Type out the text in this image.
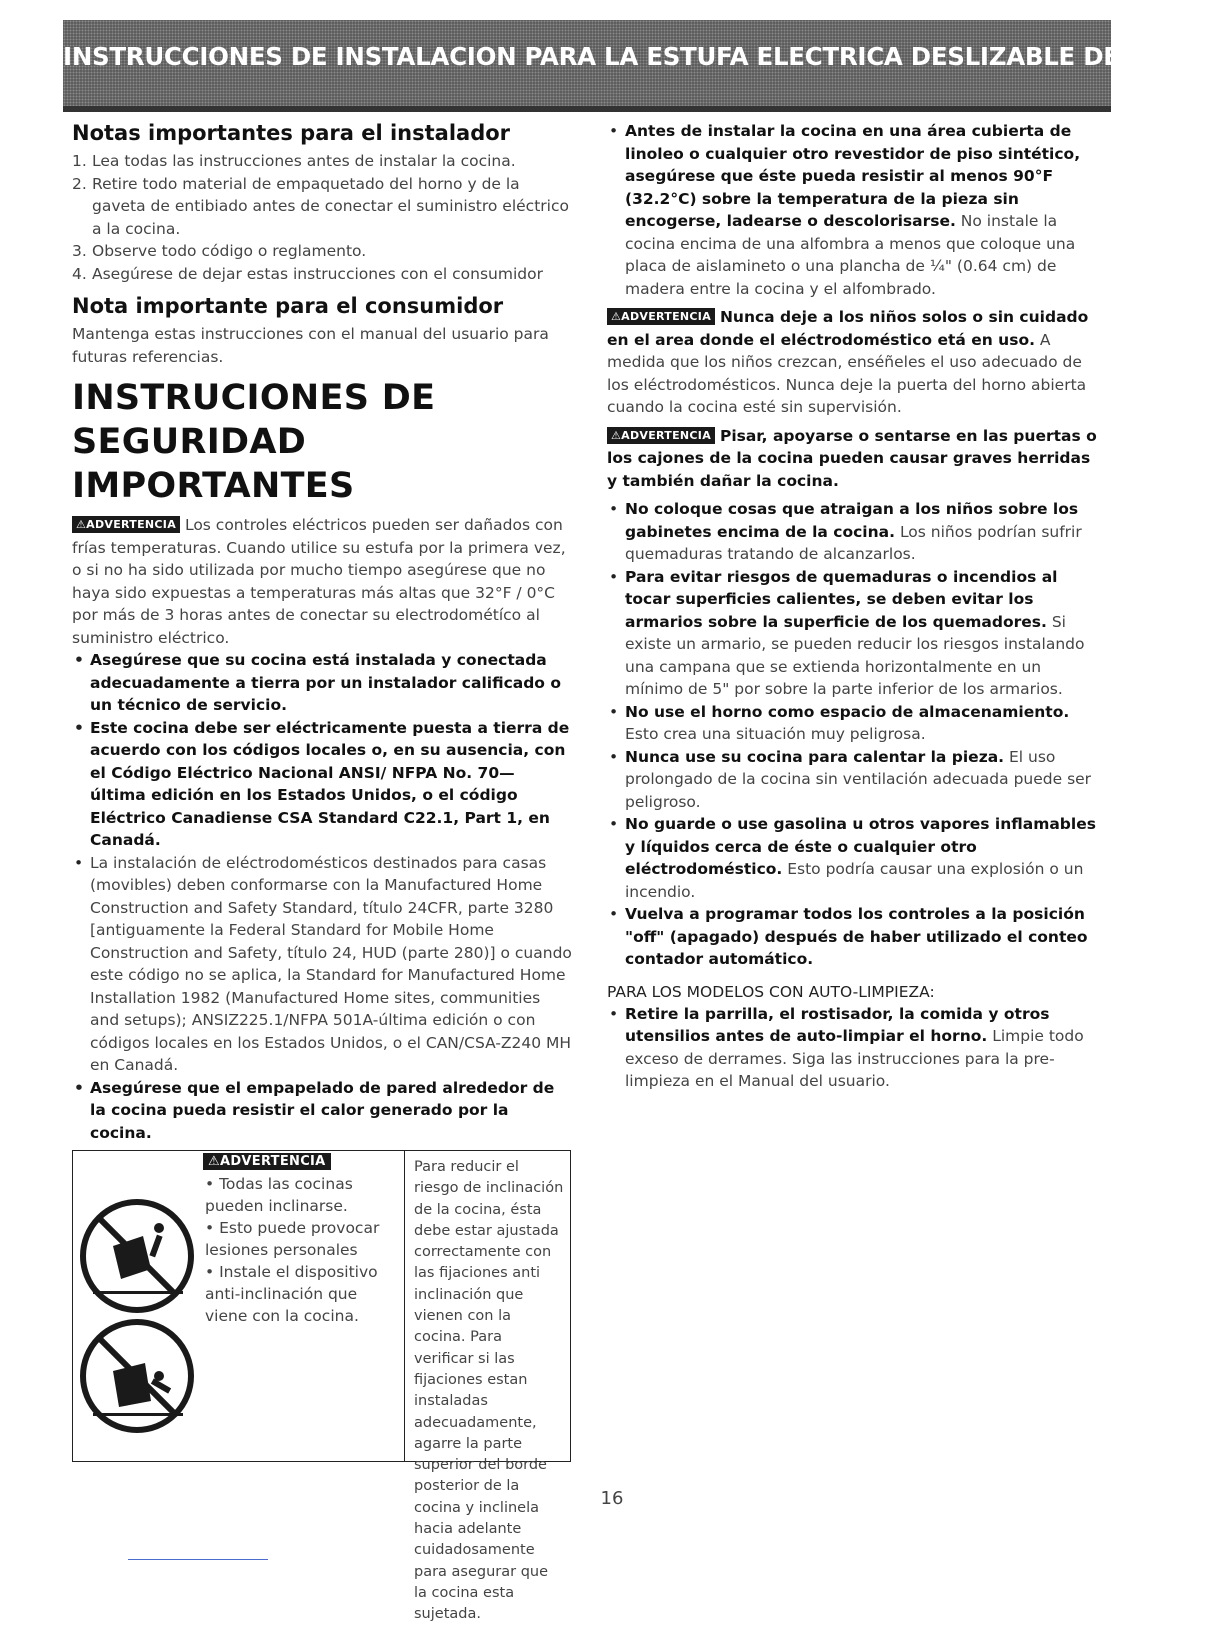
INSTRUCCIONES DE INSTALACION PARA LA ESTUFA ELECTRICA DESLIZABLE DE 30"
Notas importantes para el instalador
1. Lea todas las instrucciones antes de instalar la cocina.
2. Retire todo material de empaquetado del horno y de la gaveta de entibiado antes de conectar el suministro eléctrico a la cocina.
3. Observe todo código o reglamento.
4. Asegúrese de dejar estas instrucciones con el consumidor
Nota importante para el consumidor

Mantenga estas instrucciones con el manual del usuario para futuras referencias.

INSTRUCIONES DE
SEGURIDAD IMPORTANTES

⚠ADVERTENCIA Los controles eléctricos pueden ser dañados con frías temperaturas. Cuando utilice su estufa por la primera vez, o si no ha sido utilizada por mucho tiempo asegúrese que no haya sido expuestas a temperaturas más altas que 32°F / 0°C por más de 3 horas antes de conectar su electrodométíco al suministro eléctrico.

• Asegúrese que su cocina está instalada y conectada adecuadamente a tierra por un instalador calificado o un técnico de servicio.
• Este cocina debe ser eléctricamente puesta a tierra de acuerdo con los códigos locales o, en su ausencia, con el Código Eléctrico Nacional ANSI/ NFPA No. 70— última edición en los Estados Unidos, o el código Eléctrico Canadiense CSA Standard C22.1, Part 1, en Canadá.
• La instalación de eléctrodomésticos destinados para casas (movibles) deben conformarse con la Manufactured Home Construction and Safety Standard, título 24CFR, parte 3280 [antiguamente la Federal Standard for Mobile Home Construction and Safety, título 24, HUD (parte 280)] o cuando este código no se aplica, la Standard for Manufactured Home Installation 1982 (Manufactured Home sites, communities and setups); ANSIZ225.1/NFPA 501A-última edición o con códigos locales en los Estados Unidos, o el CAN/CSA-Z240 MH en Canadá.
• Asegúrese que el empapelado de pared alrededor de la cocina pueda resistir el calor generado por la cocina.
⚠ADVERTENCIA
• Todas las cocinas pueden inclinarse.
• Esto puede provocar lesiones personales
• Instale el dispositivo anti-inclinación que viene con la cocina.
Para reducir el riesgo de inclinación de la cocina, ésta debe estar ajustada correctamente con las fijaciones anti inclinación que vienen con la cocina. Para verificar si las fijaciones estan instaladas adecuadamente, agarre la parte superior del borde posterior de la cocina y inclinela hacia adelante cuidadosamente para asegurar que la cocina esta sujetada.
• Antes de instalar la cocina en una área cubierta de linoleo o cualquier otro revestidor de piso sintético, asegúrese que éste pueda resistir al menos 90°F (32.2°C) sobre la temperatura de la pieza sin encogerse, ladearse o descolorisarse. No instale la cocina encima de una alfombra a menos que coloque una placa de aislamineto o una plancha de ¼" (0.64 cm) de madera entre la cocina y el alfombrado.

⚠ADVERTENCIA Nunca deje a los niños solos o sin cuidado en el area donde el eléctrodoméstico etá en uso. A medida que los niños crezcan, enséñeles el uso adecuado de los eléctrodomésticos. Nunca deje la puerta del horno abierta cuando la cocina esté sin supervisión.

⚠ADVERTENCIA Pisar, apoyarse o sentarse en las puertas o los cajones de la cocina pueden causar graves herridas y también dañar la cocina.

• No coloque cosas que atraigan a los niños sobre los gabinetes encima de la cocina. Los niños podrían sufrir quemaduras tratando de alcanzarlos.
• Para evitar riesgos de quemaduras o incendios al tocar superficies calientes, se deben evitar los armarios sobre la superficie de los quemadores. Si existe un armario, se pueden reducir los riesgos instalando una campana que se extienda horizontalmente en un mínimo de 5" por sobre la parte inferior de los armarios.
• No use el horno como espacio de almacenamiento. Esto crea una situación muy peligrosa.
• Nunca use su cocina para calentar la pieza. El uso prolongado de la cocina sin ventilación adecuada puede ser peligroso.
• No guarde o use gasolina u otros vapores inflamables y líquidos cerca de éste o cualquier otro eléctrodoméstico. Esto podría causar una explosión o un incendio.
• Vuelva a programar todos los controles a la posición "off" (apagado) después de haber utilizado el conteo contador automático.

PARA LOS MODELOS CON AUTO-LIMPIEZA:

• Retire la parrilla, el rostisador, la comida y otros utensilios antes de auto-limpiar el horno. Limpie todo exceso de derrames. Siga las instrucciones para la pre-limpieza en el Manual del usuario.
16
